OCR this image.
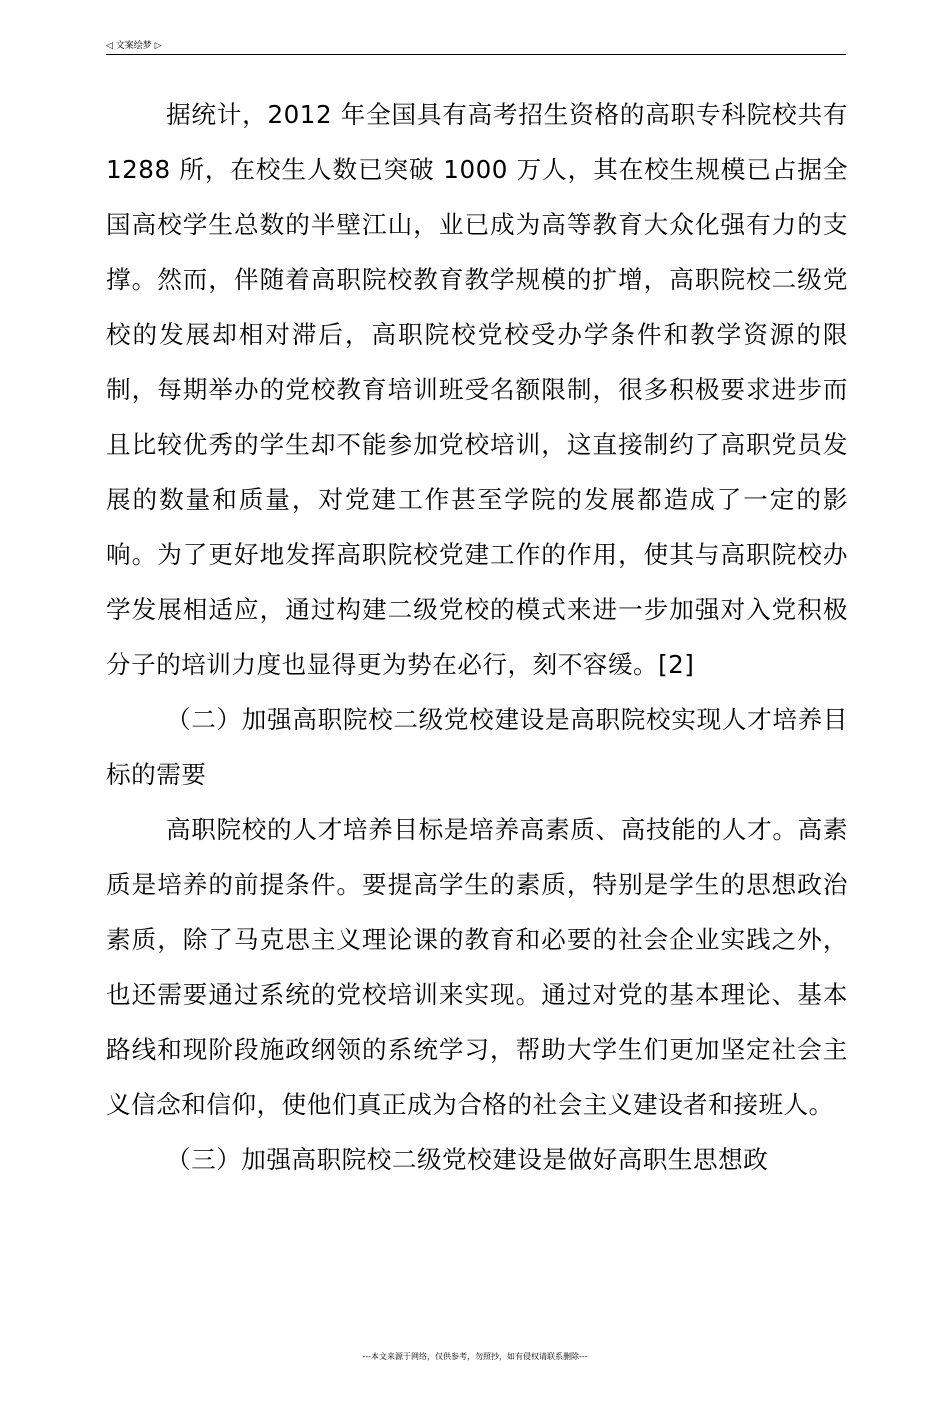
◁ 文案绘梦 ▷

据统计，2012 年全国具有高考招生资格的高职专科院校共有 1288 所，在校生人数已突破 1000 万人，其在校生规模已占据全国高校学生总数的半壁江山，业已成为高等教育大众化强有力的支撑。然而，伴随着高职院校教育教学规模的扩增，高职院校二级党校的发展却相对滞后，高职院校党校受办学条件和教学资源的限制，每期举办的党校教育培训班受名额限制，很多积极要求进步而且比较优秀的学生却不能参加党校培训，这直接制约了高职党员发展的数量和质量，对党建工作甚至学院的发展都造成了一定的影响。为了更好地发挥高职院校党建工作的作用，使其与高职院校办学发展相适应，通过构建二级党校的模式来进一步加强对入党积极分子的培训力度也显得更为势在必行，刻不容缓。[2]

（二）加强高职院校二级党校建设是高职院校实现人才培养目标的需要

高职院校的人才培养目标是培养高素质、高技能的人才。高素质是培养的前提条件。要提高学生的素质，特别是学生的思想政治素质，除了马克思主义理论课的教育和必要的社会企业实践之外，也还需要通过系统的党校培训来实现。通过对党的基本理论、基本路线和现阶段施政纲领的系统学习，帮助大学生们更加坚定社会主义信念和信仰，使他们真正成为合格的社会主义建设者和接班人。

（三）加强高职院校二级党校建设是做好高职生思想政

---本文来源于网络，仅供参考，勿照抄，如有侵权请联系删除---
